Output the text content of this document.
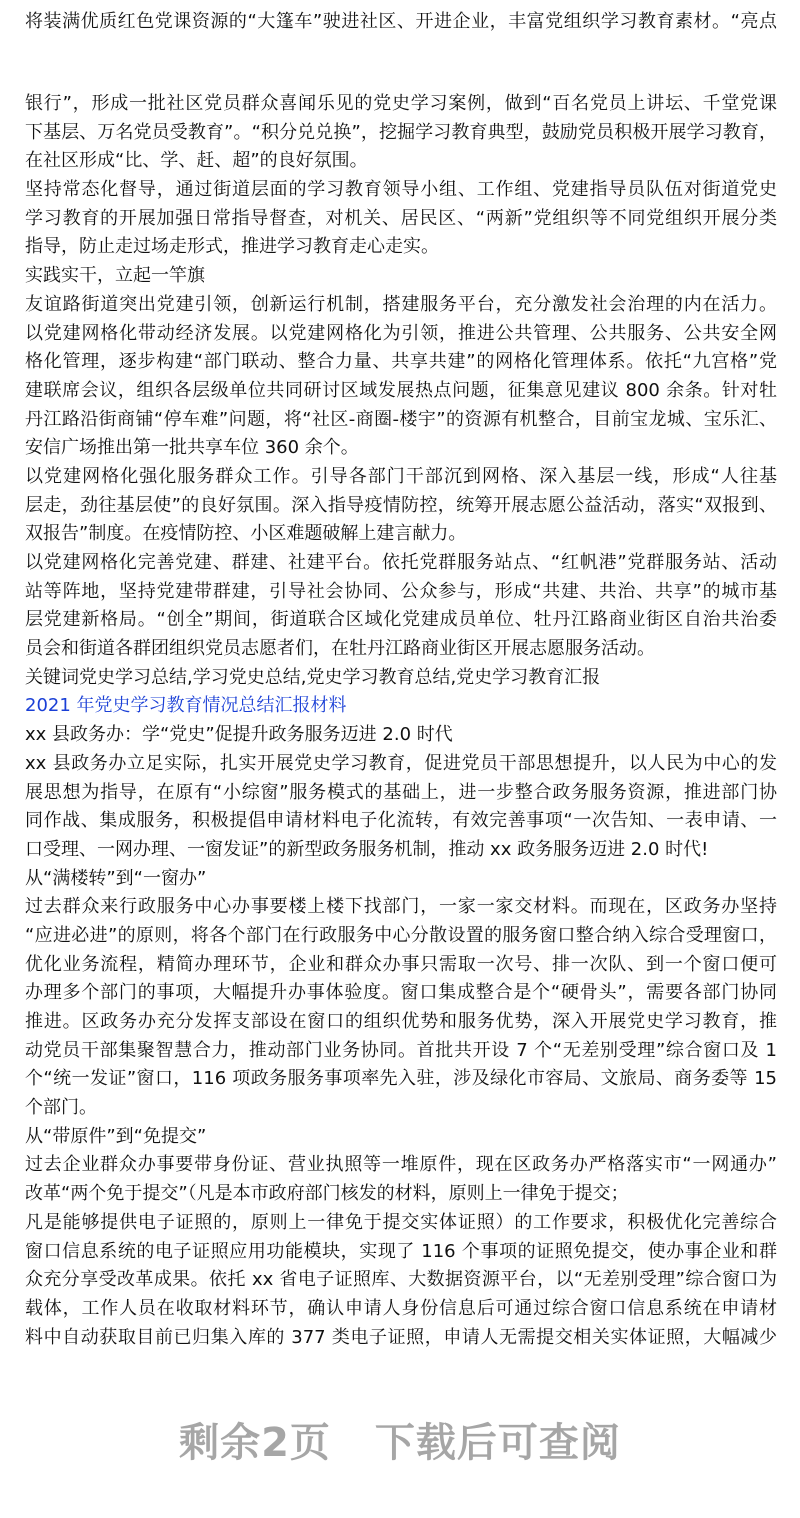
将装满优质红色党课资源的“大篷车”驶进社区、开进企业，丰富党组织学习教育素材。“亮点
银行”，形成一批社区党员群众喜闻乐见的党史学习案例，做到“百名党员上讲坛、千堂党课
下基层、万名党员受教育”。“积分兑兑换”，挖掘学习教育典型，鼓励党员积极开展学习教育，
在社区形成“比、学、赶、超”的良好氛围。
坚持常态化督导，通过街道层面的学习教育领导小组、工作组、党建指导员队伍对街道党史
学习教育的开展加强日常指导督查，对机关、居民区、“两新”党组织等不同党组织开展分类
指导，防止走过场走形式，推进学习教育走心走实。
实践实干，立起一竿旗
友谊路街道突出党建引领，创新运行机制，搭建服务平台，充分激发社会治理的内在活力。
以党建网格化带动经济发展。以党建网格化为引领，推进公共管理、公共服务、公共安全网
格化管理，逐步构建“部门联动、整合力量、共享共建”的网格化管理体系。依托“九宫格”党
建联席会议，组织各层级单位共同研讨区域发展热点问题，征集意见建议 800 余条。针对牡
丹江路沿街商铺“停车难”问题，将“社区-商圈-楼宇”的资源有机整合，目前宝龙城、宝乐汇、
安信广场推出第一批共享车位 360 余个。
以党建网格化强化服务群众工作。引导各部门干部沉到网格、深入基层一线，形成“人往基
层走，劲往基层使”的良好氛围。深入指导疫情防控，统筹开展志愿公益活动，落实“双报到、
双报告”制度。在疫情防控、小区难题破解上建言献力。
以党建网格化完善党建、群建、社建平台。依托党群服务站点、“红帆港”党群服务站、活动
站等阵地，坚持党建带群建，引导社会协同、公众参与，形成“共建、共治、共享”的城市基
层党建新格局。“创全”期间，街道联合区域化党建成员单位、牡丹江路商业街区自治共治委
员会和街道各群团组织党员志愿者们，在牡丹江路商业街区开展志愿服务活动。
关键词党史学习总结,学习党史总结,党史学习教育总结,党史学习教育汇报
2021 年党史学习教育情况总结汇报材料
xx 县政务办：学“党史”促提升政务服务迈进 2.0 时代
xx 县政务办立足实际，扎实开展党史学习教育，促进党员干部思想提升，以人民为中心的发
展思想为指导，在原有“小综窗”服务模式的基础上，进一步整合政务服务资源，推进部门协
同作战、集成服务，积极提倡申请材料电子化流转，有效完善事项“一次告知、一表申请、一
口受理、一网办理、一窗发证”的新型政务服务机制，推动 xx 政务服务迈进 2.0 时代!
从“满楼转”到“一窗办”
过去群众来行政服务中心办事要楼上楼下找部门，一家一家交材料。而现在，区政务办坚持
“应进必进”的原则，将各个部门在行政服务中心分散设置的服务窗口整合纳入综合受理窗口，
优化业务流程，精简办理环节，企业和群众办事只需取一次号、排一次队、到一个窗口便可
办理多个部门的事项，大幅提升办事体验度。窗口集成整合是个“硬骨头”，需要各部门协同
推进。区政务办充分发挥支部设在窗口的组织优势和服务优势，深入开展党史学习教育，推
动党员干部集聚智慧合力，推动部门业务协同。首批共开设 7 个“无差别受理”综合窗口及 1
个“统一发证”窗口，116 项政务服务事项率先入驻，涉及绿化市容局、文旅局、商务委等 15
个部门。
从“带原件”到“免提交”
过去企业群众办事要带身份证、营业执照等一堆原件，现在区政务办严格落实市“一网通办”
改革“两个免于提交”（凡是本市政府部门核发的材料，原则上一律免于提交；
凡是能够提供电子证照的，原则上一律免于提交实体证照）的工作要求，积极优化完善综合
窗口信息系统的电子证照应用功能模块，实现了 116 个事项的证照免提交，使办事企业和群
众充分享受改革成果。依托 xx 省电子证照库、大数据资源平台，以“无差别受理”综合窗口为
载体，工作人员在收取材料环节，确认申请人身份信息后可通过综合窗口信息系统在申请材
料中自动获取目前已归集入库的 377 类电子证照，申请人无需提交相关实体证照，大幅减少
剩余2页 下载后可查阅
